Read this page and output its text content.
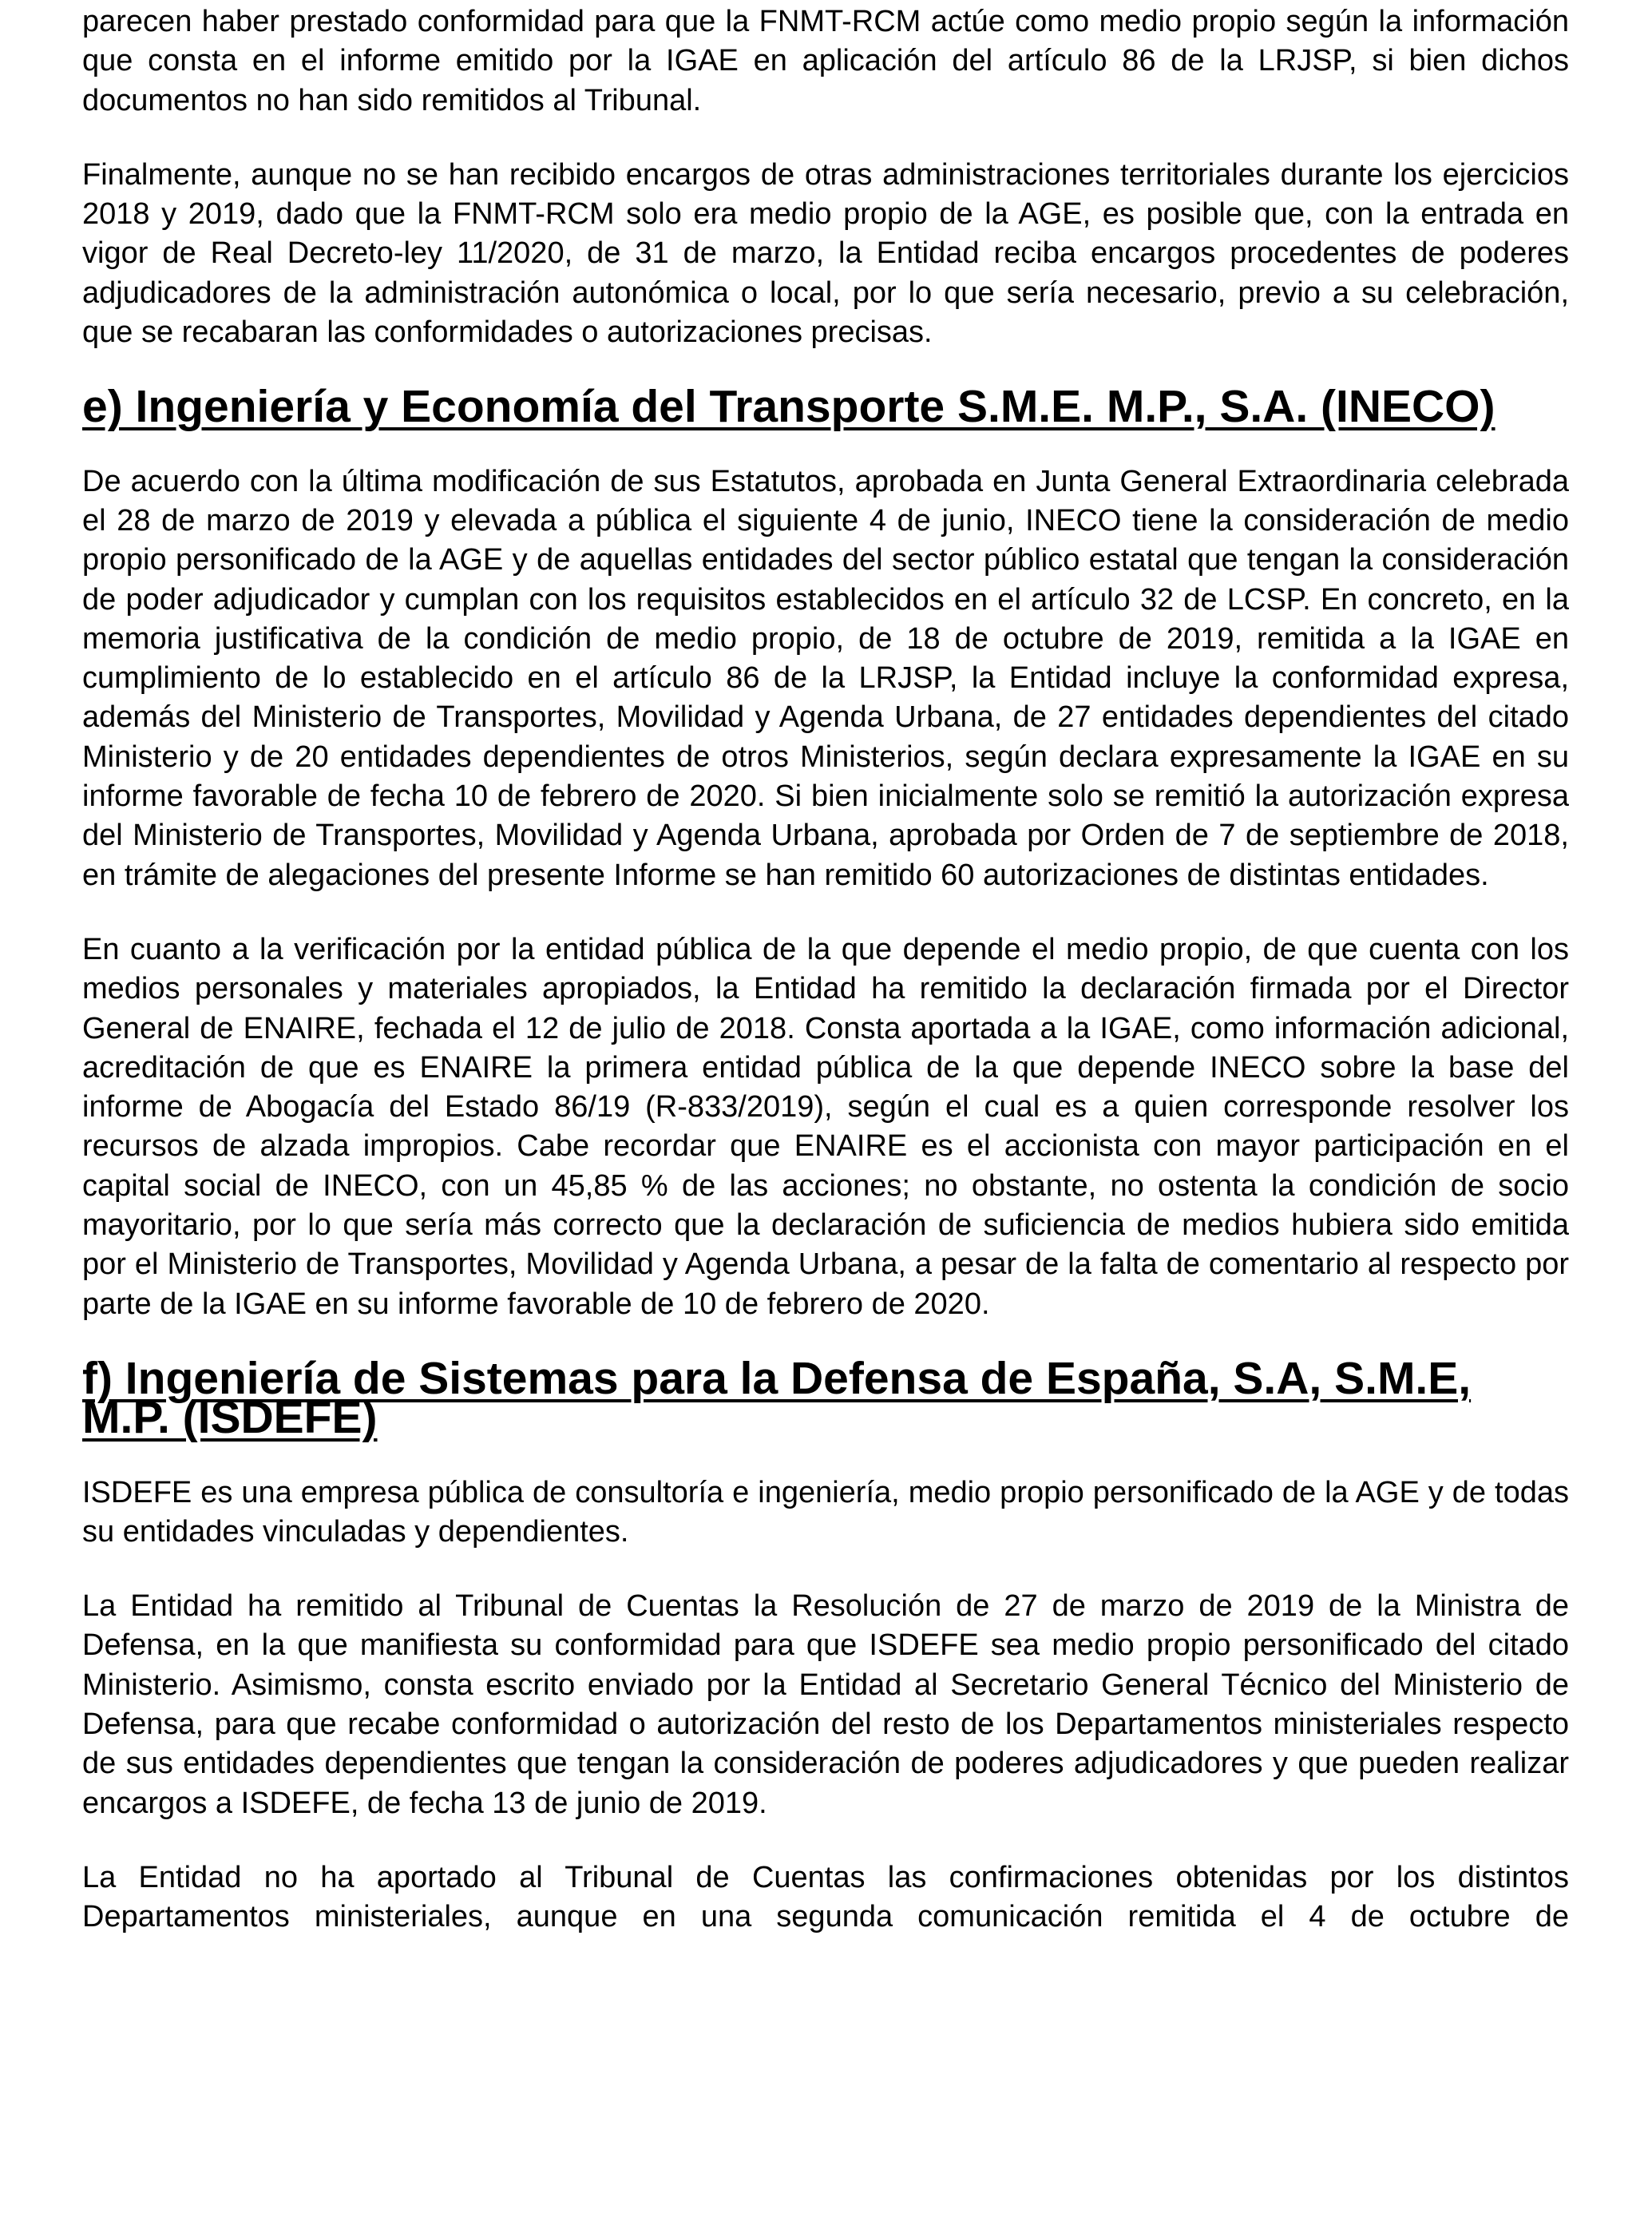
parecen haber prestado conformidad para que la FNMT-RCM actúe como medio propio según la información que consta en el informe emitido por la IGAE en aplicación del artículo 86 de la LRJSP, si bien dichos documentos no han sido remitidos al Tribunal.

Finalmente, aunque no se han recibido encargos de otras administraciones territoriales durante los ejercicios 2018 y 2019, dado que la FNMT-RCM solo era medio propio de la AGE, es posible que, con la entrada en vigor de Real Decreto-ley 11/2020, de 31 de marzo, la Entidad reciba encargos procedentes de poderes adjudicadores de la administración autonómica o local, por lo que sería necesario, previo a su celebración, que se recabaran las conformidades o autorizaciones precisas.

e) Ingeniería y Economía del Transporte S.M.E. M.P., S.A. (INECO)

De acuerdo con la última modificación de sus Estatutos, aprobada en Junta General Extraordinaria celebrada el 28 de marzo de 2019 y elevada a pública el siguiente 4 de junio, INECO tiene la consideración de medio propio personificado de la AGE y de aquellas entidades del sector público estatal que tengan la consideración de poder adjudicador y cumplan con los requisitos establecidos en el artículo 32 de LCSP. En concreto, en la memoria justificativa de la condición de medio propio, de 18 de octubre de 2019, remitida a la IGAE en cumplimiento de lo establecido en el artículo 86 de la LRJSP, la Entidad incluye la conformidad expresa, además del Ministerio de Transportes, Movilidad y Agenda Urbana, de 27 entidades dependientes del citado Ministerio y de 20 entidades dependientes de otros Ministerios, según declara expresamente la IGAE en su informe favorable de fecha 10 de febrero de 2020. Si bien inicialmente solo se remitió la autorización expresa del Ministerio de Transportes, Movilidad y Agenda Urbana, aprobada por Orden de 7 de septiembre de 2018, en trámite de alegaciones del presente Informe se han remitido 60 autorizaciones de distintas entidades.

En cuanto a la verificación por la entidad pública de la que depende el medio propio, de que cuenta con los medios personales y materiales apropiados, la Entidad ha remitido la declaración firmada por el Director General de ENAIRE, fechada el 12 de julio de 2018. Consta aportada a la IGAE, como información adicional, acreditación de que es ENAIRE la primera entidad pública de la que depende INECO sobre la base del informe de Abogacía del Estado 86/19 (R-833/2019), según el cual es a quien corresponde resolver los recursos de alzada impropios. Cabe recordar que ENAIRE es el accionista con mayor participación en el capital social de INECO, con un 45,85 % de las acciones; no obstante, no ostenta la condición de socio mayoritario, por lo que sería más correcto que la declaración de suficiencia de medios hubiera sido emitida por el Ministerio de Transportes, Movilidad y Agenda Urbana, a pesar de la falta de comentario al respecto por parte de la IGAE en su informe favorable de 10 de febrero de 2020.

f) Ingeniería de Sistemas para la Defensa de España, S.A, S.M.E, M.P. (ISDEFE)

ISDEFE es una empresa pública de consultoría e ingeniería, medio propio personificado de la AGE y de todas su entidades vinculadas y dependientes.

La Entidad ha remitido al Tribunal de Cuentas la Resolución de 27 de marzo de 2019 de la Ministra de Defensa, en la que manifiesta su conformidad para que ISDEFE sea medio propio personificado del citado Ministerio. Asimismo, consta escrito enviado por la Entidad al Secretario General Técnico del Ministerio de Defensa, para que recabe conformidad o autorización del resto de los Departamentos ministeriales respecto de sus entidades dependientes que tengan la consideración de poderes adjudicadores y que pueden realizar encargos a ISDEFE, de fecha 13 de junio de 2019.

La Entidad no ha aportado al Tribunal de Cuentas las confirmaciones obtenidas por los distintos Departamentos ministeriales, aunque en una segunda comunicación remitida el 4 de octubre de
